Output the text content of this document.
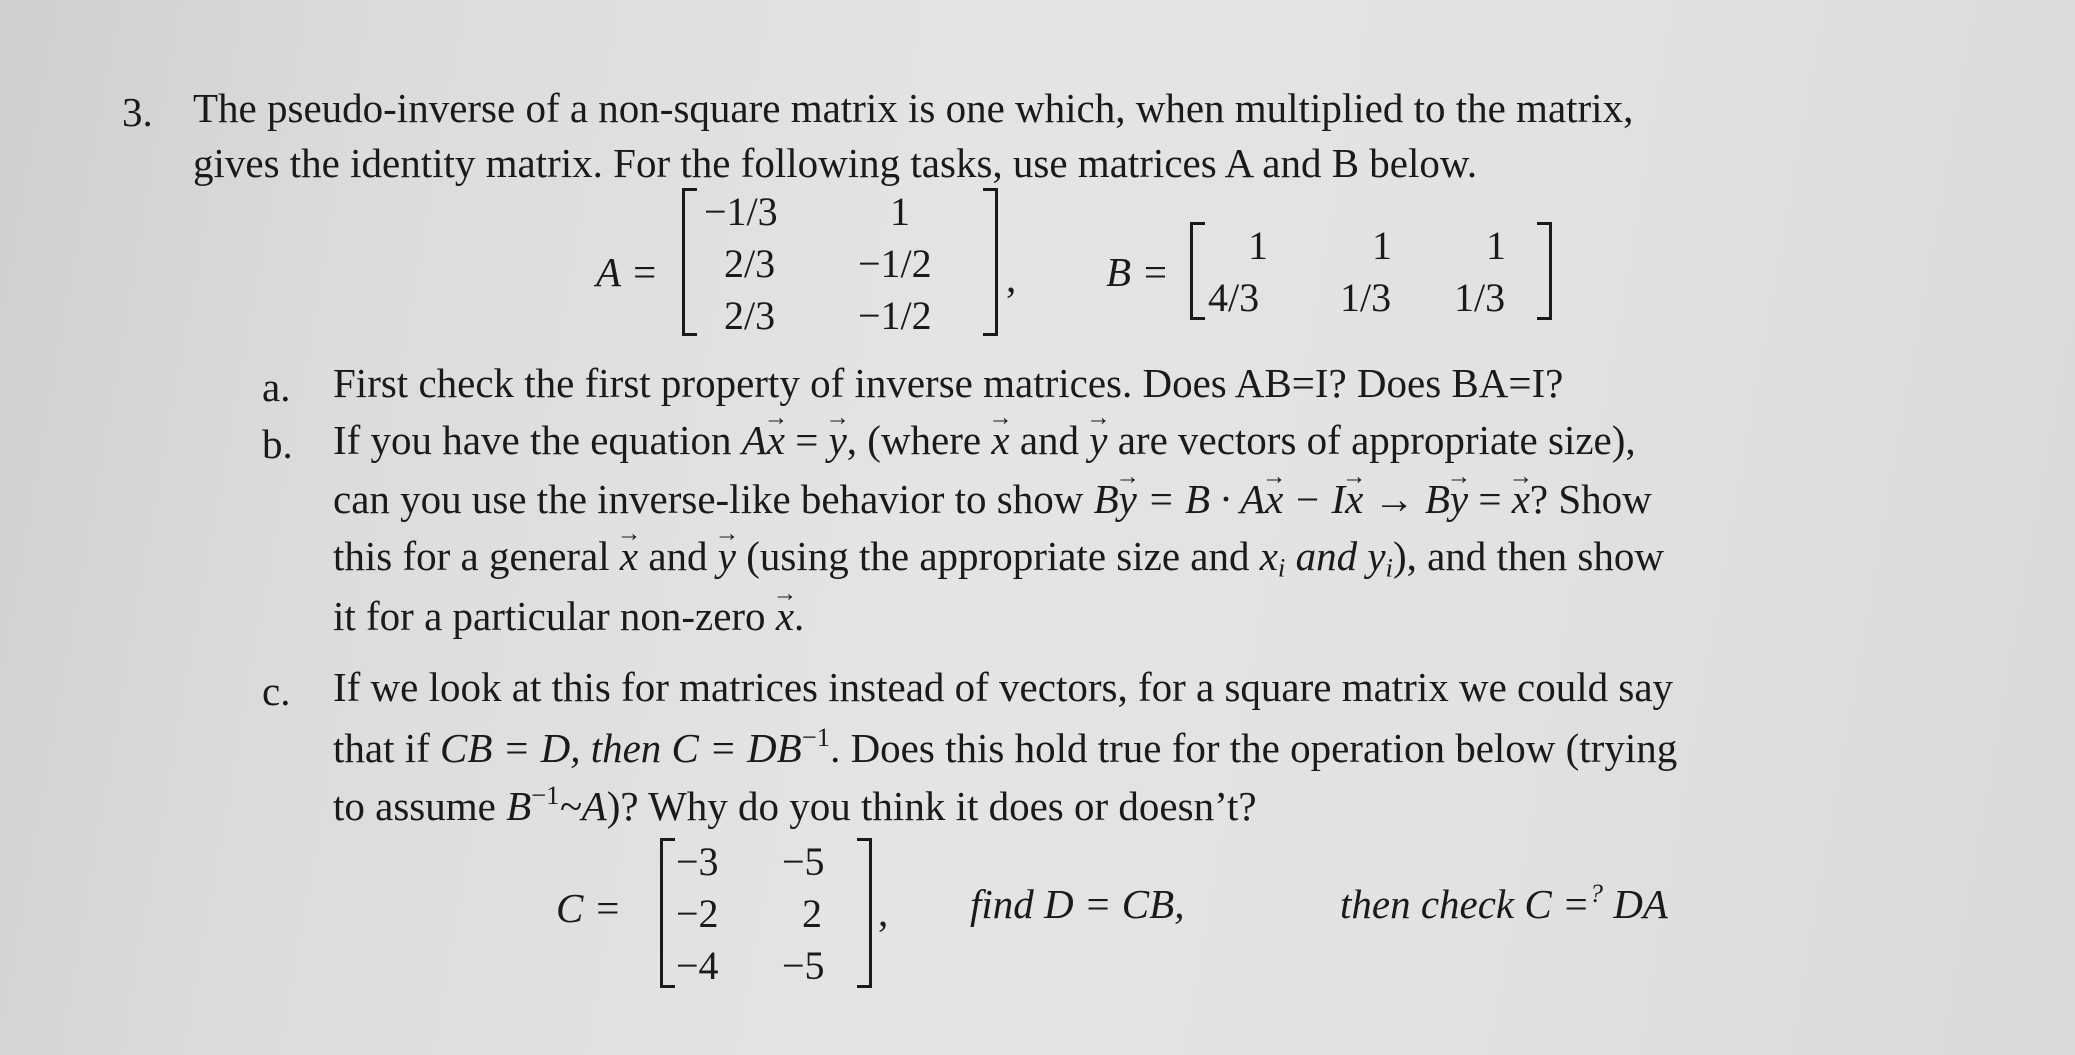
3. The pseudo-inverse of a non-square matrix is one which, when multiplied to the matrix,
gives the identity matrix. For the following tasks, use matrices A and B below.
A =
−1/3	1
2/3 −1/2
2/3 −1/2
, B =
1	1 1
4/3 1/3 1/3
a. First check the first property of inverse matrices. Does AB=I? Does BA=I?
b. If you have the equation A→ x = → y, (where → x and → y are vectors of appropriate size),
can you use the inverse-like behavior to show B→ y = B · A→ x − I→ x → B→ y = → x? Show
this for a general → x and → y (using the appropriate size and $x_i$ and $y_i$), and then show
it for a particular non-zero → x.
c. If we look at this for matrices instead of vectors, for a square matrix we could say
that if CB = D, then $C = DB^{-1}$. Does this hold true for the operation below (trying
to assume $B^{-1}\sim A$)? Why do you think it does or doesn’t?
C =
−3 −5
−2 2
−4 −5
, find D = CB,	then check C =? DA
